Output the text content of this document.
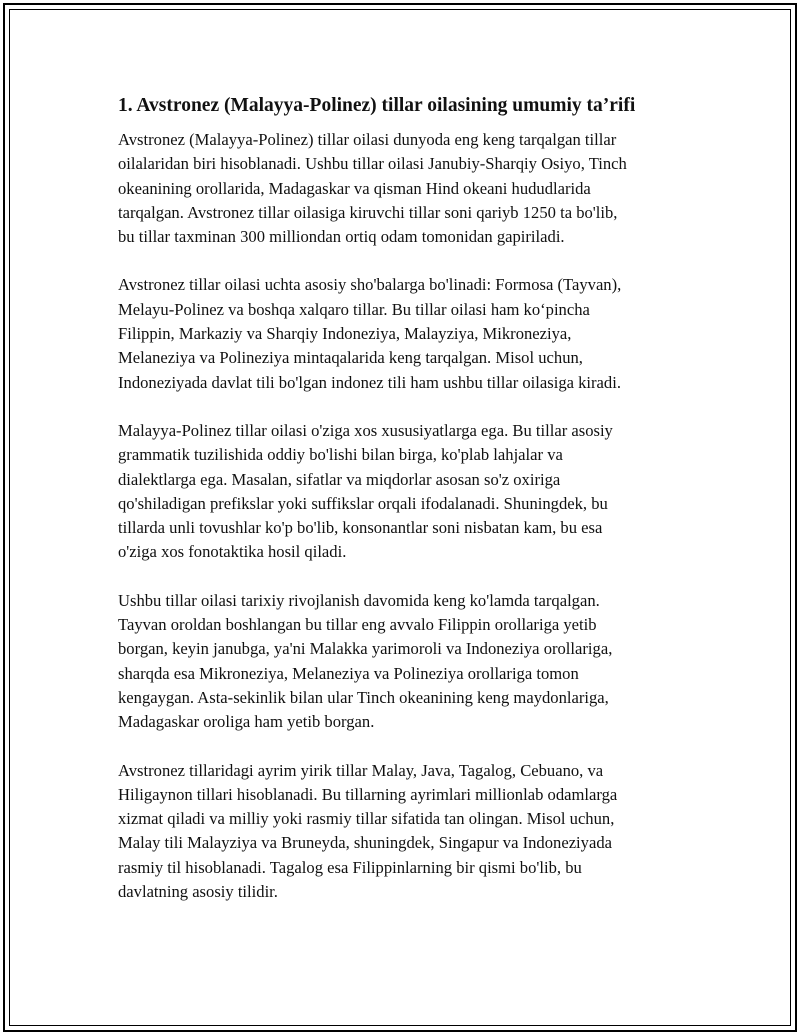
1. Avstronez (Malayya-Polinez) tillar oilasining umumiy ta’rifi

Avstronez (Malayya-Polinez) tillar oilasi dunyoda eng keng tarqalgan tillar
oilalaridan biri hisoblanadi. Ushbu tillar oilasi Janubiy-Sharqiy Osiyo, Tinch
okeanining orollarida, Madagaskar va qisman Hind okeani hududlarida
tarqalgan. Avstronez tillar oilasiga kiruvchi tillar soni qariyb 1250 ta bo'lib,
bu tillar taxminan 300 milliondan ortiq odam tomonidan gapiriladi.

Avstronez tillar oilasi uchta asosiy sho'balarga bo'linadi: Formosa (Tayvan),
Melayu-Polinez va boshqa xalqaro tillar. Bu tillar oilasi ham ko‘pincha
Filippin, Markaziy va Sharqiy Indoneziya, Malayziya, Mikroneziya,
Melaneziya va Polineziya mintaqalarida keng tarqalgan. Misol uchun,
Indoneziyada davlat tili bo'lgan indonez tili ham ushbu tillar oilasiga kiradi.

Malayya-Polinez tillar oilasi o'ziga xos xususiyatlarga ega. Bu tillar asosiy
grammatik tuzilishida oddiy bo'lishi bilan birga, ko'plab lahjalar va
dialektlarga ega. Masalan, sifatlar va miqdorlar asosan so'z oxiriga
qo'shiladigan prefikslar yoki suffikslar orqali ifodalanadi. Shuningdek, bu
tillarda unli tovushlar ko'p bo'lib, konsonantlar soni nisbatan kam, bu esa
o'ziga xos fonotaktika hosil qiladi.

Ushbu tillar oilasi tarixiy rivojlanish davomida keng ko'lamda tarqalgan.
Tayvan oroldan boshlangan bu tillar eng avvalo Filippin orollariga yetib
borgan, keyin janubga, ya'ni Malakka yarimoroli va Indoneziya orollariga,
sharqda esa Mikroneziya, Melaneziya va Polineziya orollariga tomon
kengaygan. Asta-sekinlik bilan ular Tinch okeanining keng maydonlariga,
Madagaskar oroliga ham yetib borgan.

Avstronez tillaridagi ayrim yirik tillar Malay, Java, Tagalog, Cebuano, va
Hiligaynon tillari hisoblanadi. Bu tillarning ayrimlari millionlab odamlarga
xizmat qiladi va milliy yoki rasmiy tillar sifatida tan olingan. Misol uchun,
Malay tili Malayziya va Bruneyda, shuningdek, Singapur va Indoneziyada
rasmiy til hisoblanadi. Tagalog esa Filippinlarning bir qismi bo'lib, bu
davlatning asosiy tilidir.
